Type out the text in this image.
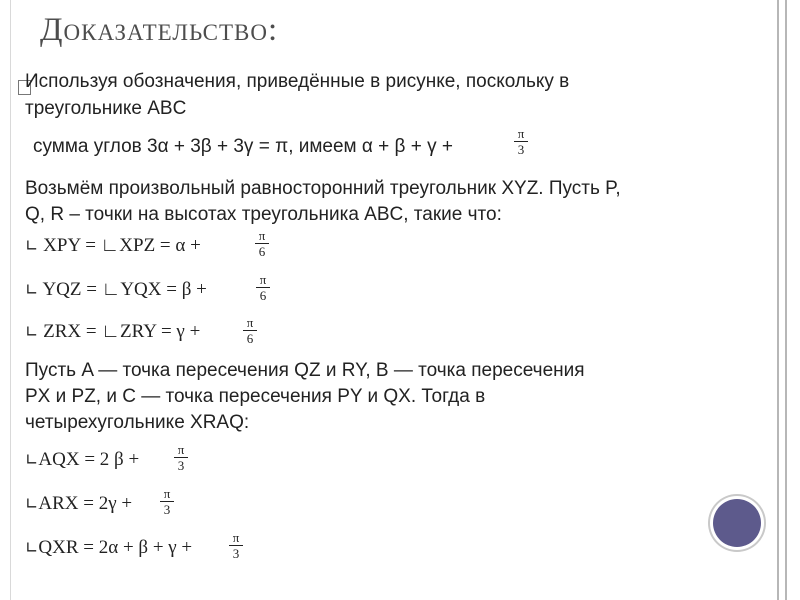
Доказательство:
Используя обозначения, приведённые в рисунке, поскольку в
треугольнике ABC
сумма углов 3α + 3β + 3γ = π, имеем α + β + γ +
π
3
Возьмём произвольный равносторонний треугольник XYZ. Пусть P,
Q, R – точки на высотах треугольника ABC, такие что:
∟ XPY = ∟XPZ = α +	π
6
∟ YQZ = ∟YQX = β +	π
6
∟ ZRX = ∟ZRY = γ +	π
6
Пусть A — точка пересечения QZ и RY, B — точка пересечения
PX и PZ, и C — точка пересечения PY и QX. Тогда в
четырехугольнике XRAQ:
∟AQX = 2 β +	π
3
∟ARX = 2γ + π
3
∟QXR = 2α + β + γ +	π
3
